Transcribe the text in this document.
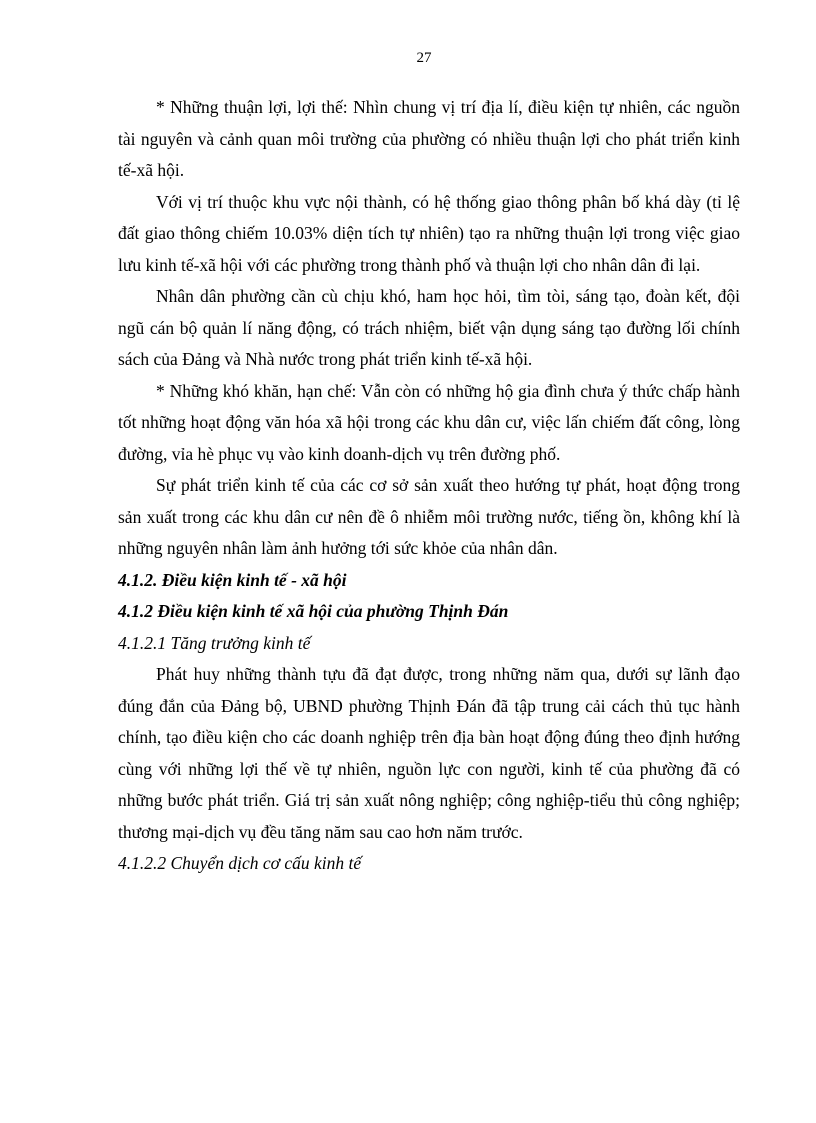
27

* Những thuận lợi, lợi thế: Nhìn chung vị trí địa lí, điều kiện tự nhiên, các nguồn tài nguyên và cảnh quan môi trường của phường có nhiều thuận lợi cho phát triển kinh tế-xã hội.

Với vị trí thuộc khu vực nội thành, có hệ thống giao thông phân bố khá dày (tỉ lệ đất giao thông chiếm 10.03% diện tích tự nhiên) tạo ra những thuận lợi trong việc giao lưu kinh tế-xã hội với các phường trong thành phố và thuận lợi cho nhân dân đi lại.

Nhân dân phường cần cù chịu khó, ham học hỏi, tìm tòi, sáng tạo, đoàn kết, đội ngũ cán bộ quản lí năng động, có trách nhiệm, biết vận dụng sáng tạo đường lối chính sách của Đảng và Nhà nước trong phát triển kinh tế-xã hội.

* Những khó khăn, hạn chế: Vẫn còn có những hộ gia đình chưa ý thức chấp hành tốt những hoạt động văn hóa xã hội trong các khu dân cư, việc lấn chiếm đất công, lòng đường, vỉa hè phục vụ vào kinh doanh-dịch vụ trên đường phố.

Sự phát triển kinh tế của các cơ sở sản xuất theo hướng tự phát, hoạt động trong sản xuất trong các khu dân cư nên đề ô nhiễm môi trường nước, tiếng ồn, không khí là những nguyên nhân làm ảnh hưởng tới sức khỏe của nhân dân.

4.1.2. Điều kiện kinh tế - xã hội

4.1.2 Điều kiện kinh tế xã hội của phường Thịnh Đán

4.1.2.1 Tăng trưởng kinh tế

Phát huy những thành tựu đã đạt được, trong những năm qua, dưới sự lãnh đạo đúng đắn của Đảng bộ, UBND phường Thịnh Đán đã tập trung cải cách thủ tục hành chính, tạo điều kiện cho các doanh nghiệp trên địa bàn hoạt động đúng theo định hướng cùng với những lợi thế về tự nhiên, nguồn lực con người, kinh tế của phường đã có những bước phát triển. Giá trị sản xuất nông nghiệp; công nghiệp-tiểu thủ công nghiệp; thương mại-dịch vụ đều tăng năm sau cao hơn năm trước.

4.1.2.2 Chuyển dịch cơ cấu kinh tế
